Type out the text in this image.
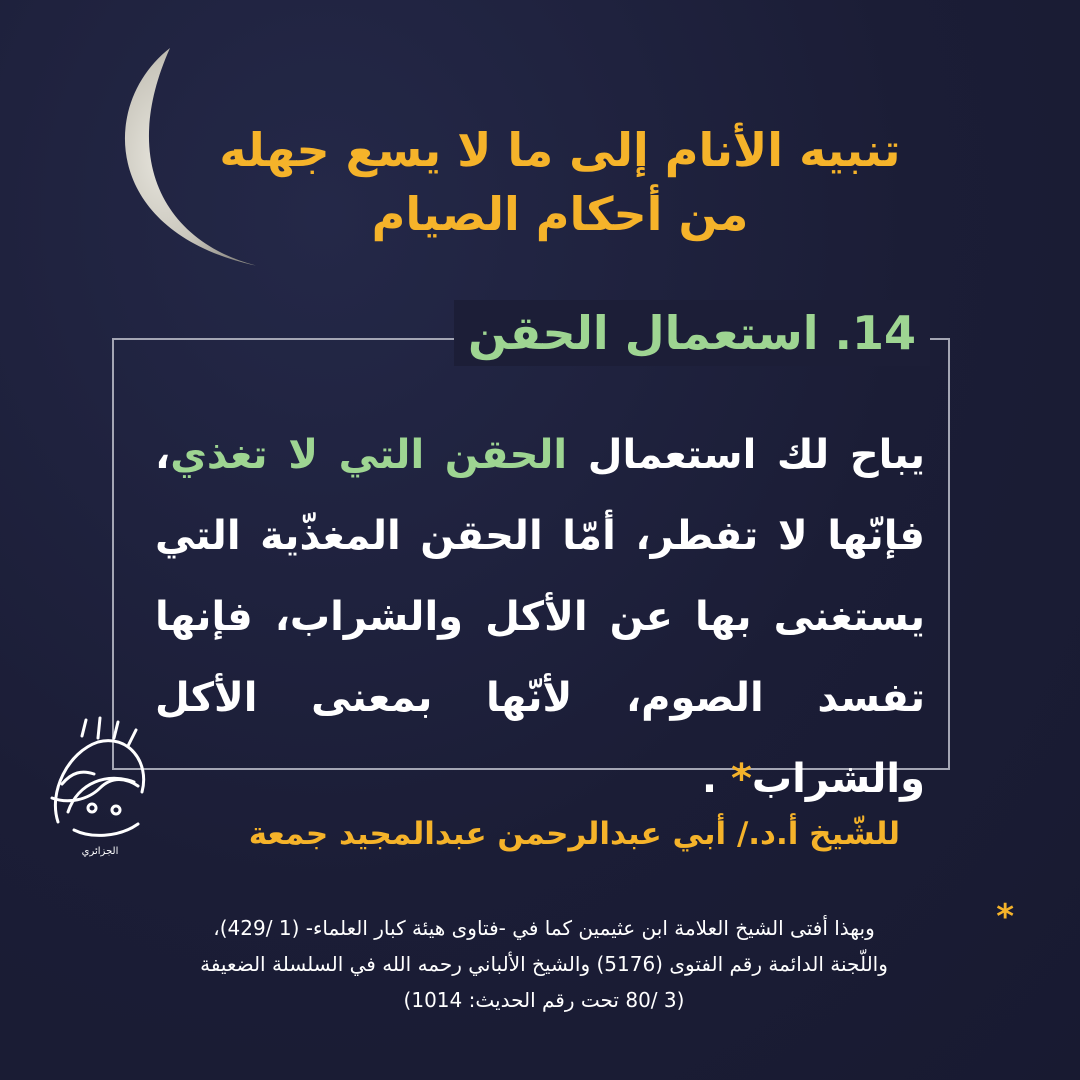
تنبيه الأنام إلى ما لا يسع جهله
من أحكام الصيام
14. استعمال الحقن
يباح لك استعمال الحقن التي لا تغذي، فإنّها لا تفطر، أمّا الحقن المغذّية التي يستغنى بها عن الأكل والشراب، فإنها تفسد الصوم، لأنّها بمعنى الأكل والشراب* .
الجزائري	للشّيخ أ.د./ أبي عبدالرحمن عبدالمجيد جمعة
*
وبهذا أفتى الشيخ العلامة ابن عثيمين كما في -فتاوى هيئة كبار العلماء- (1 /429)،
واللّجنة الدائمة رقم الفتوى (5176) والشيخ الألباني رحمه الله في السلسلة الضعيفة
(3 /80 تحت رقم الحديث: 1014)
